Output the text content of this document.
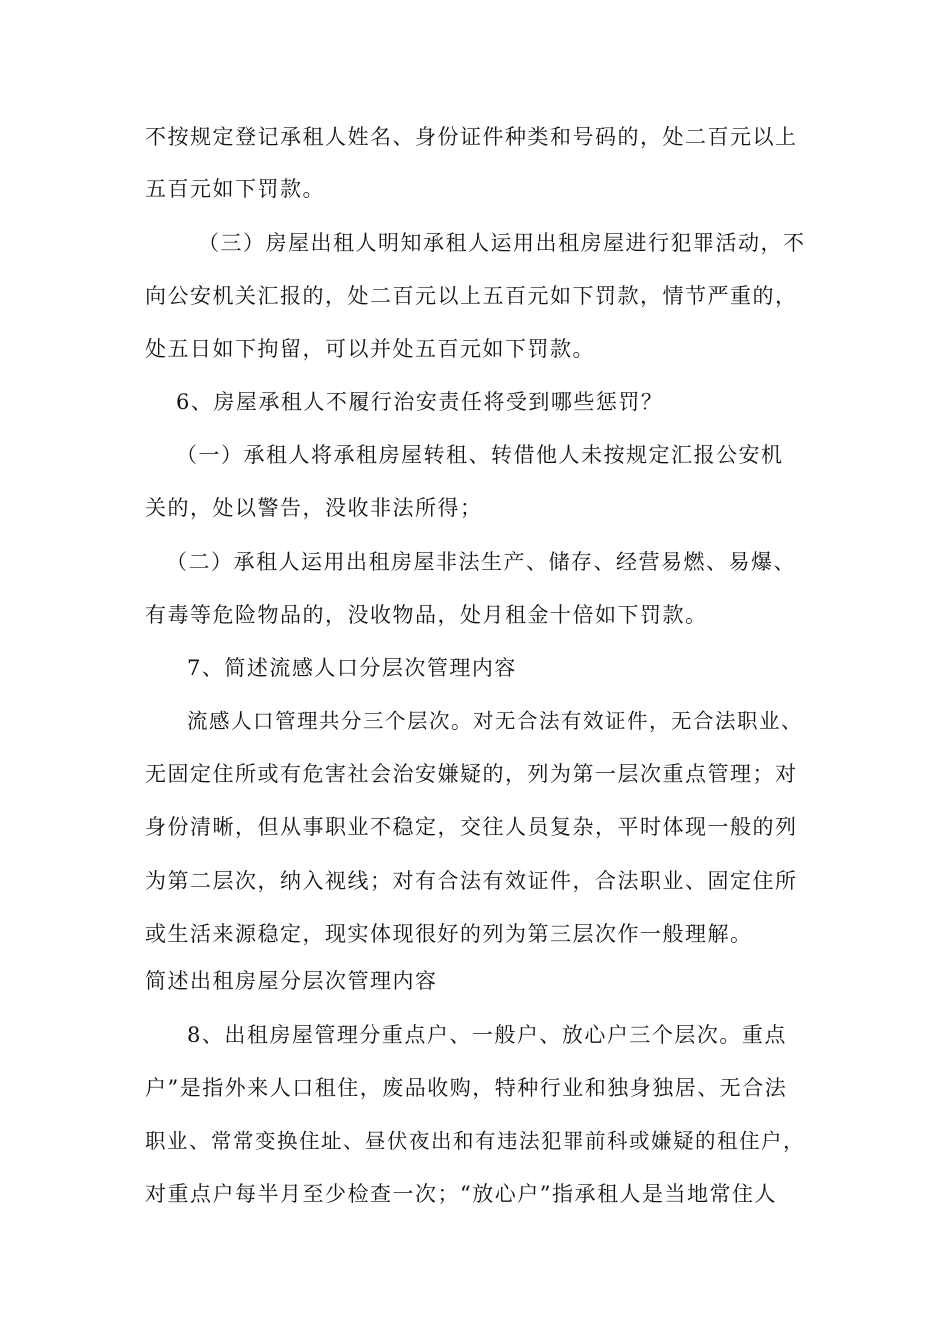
不按规定登记承租人姓名、身份证件种类和号码的，处二百元以上
五百元如下罚款。
（三）房屋出租人明知承租人运用出租房屋进行犯罪活动，不
向公安机关汇报的，处二百元以上五百元如下罚款，情节严重的，
处五日如下拘留，可以并处五百元如下罚款。
6、房屋承租人不履行治安责任将受到哪些惩罚？
（一）承租人将承租房屋转租、转借他人未按规定汇报公安机
关的，处以警告，没收非法所得；
（二）承租人运用出租房屋非法生产、储存、经营易燃、易爆、
有毒等危险物品的，没收物品，处月租金十倍如下罚款。
7、简述流感人口分层次管理内容
流感人口管理共分三个层次。对无合法有效证件，无合法职业、
无固定住所或有危害社会治安嫌疑的，列为第一层次重点管理；对
身份清晰，但从事职业不稳定，交往人员复杂，平时体现一般的列
为第二层次，纳入视线；对有合法有效证件，合法职业、固定住所
或生活来源稳定，现实体现很好的列为第三层次作一般理解。
简述出租房屋分层次管理内容
8、出租房屋管理分重点户、一般户、放心户三个层次。重点
户”是指外来人口租住，废品收购，特种行业和独身独居、无合法
职业、常常变换住址、昼伏夜出和有违法犯罪前科或嫌疑的租住户，
对重点户每半月至少检查一次；“放心户”指承租人是当地常住人
